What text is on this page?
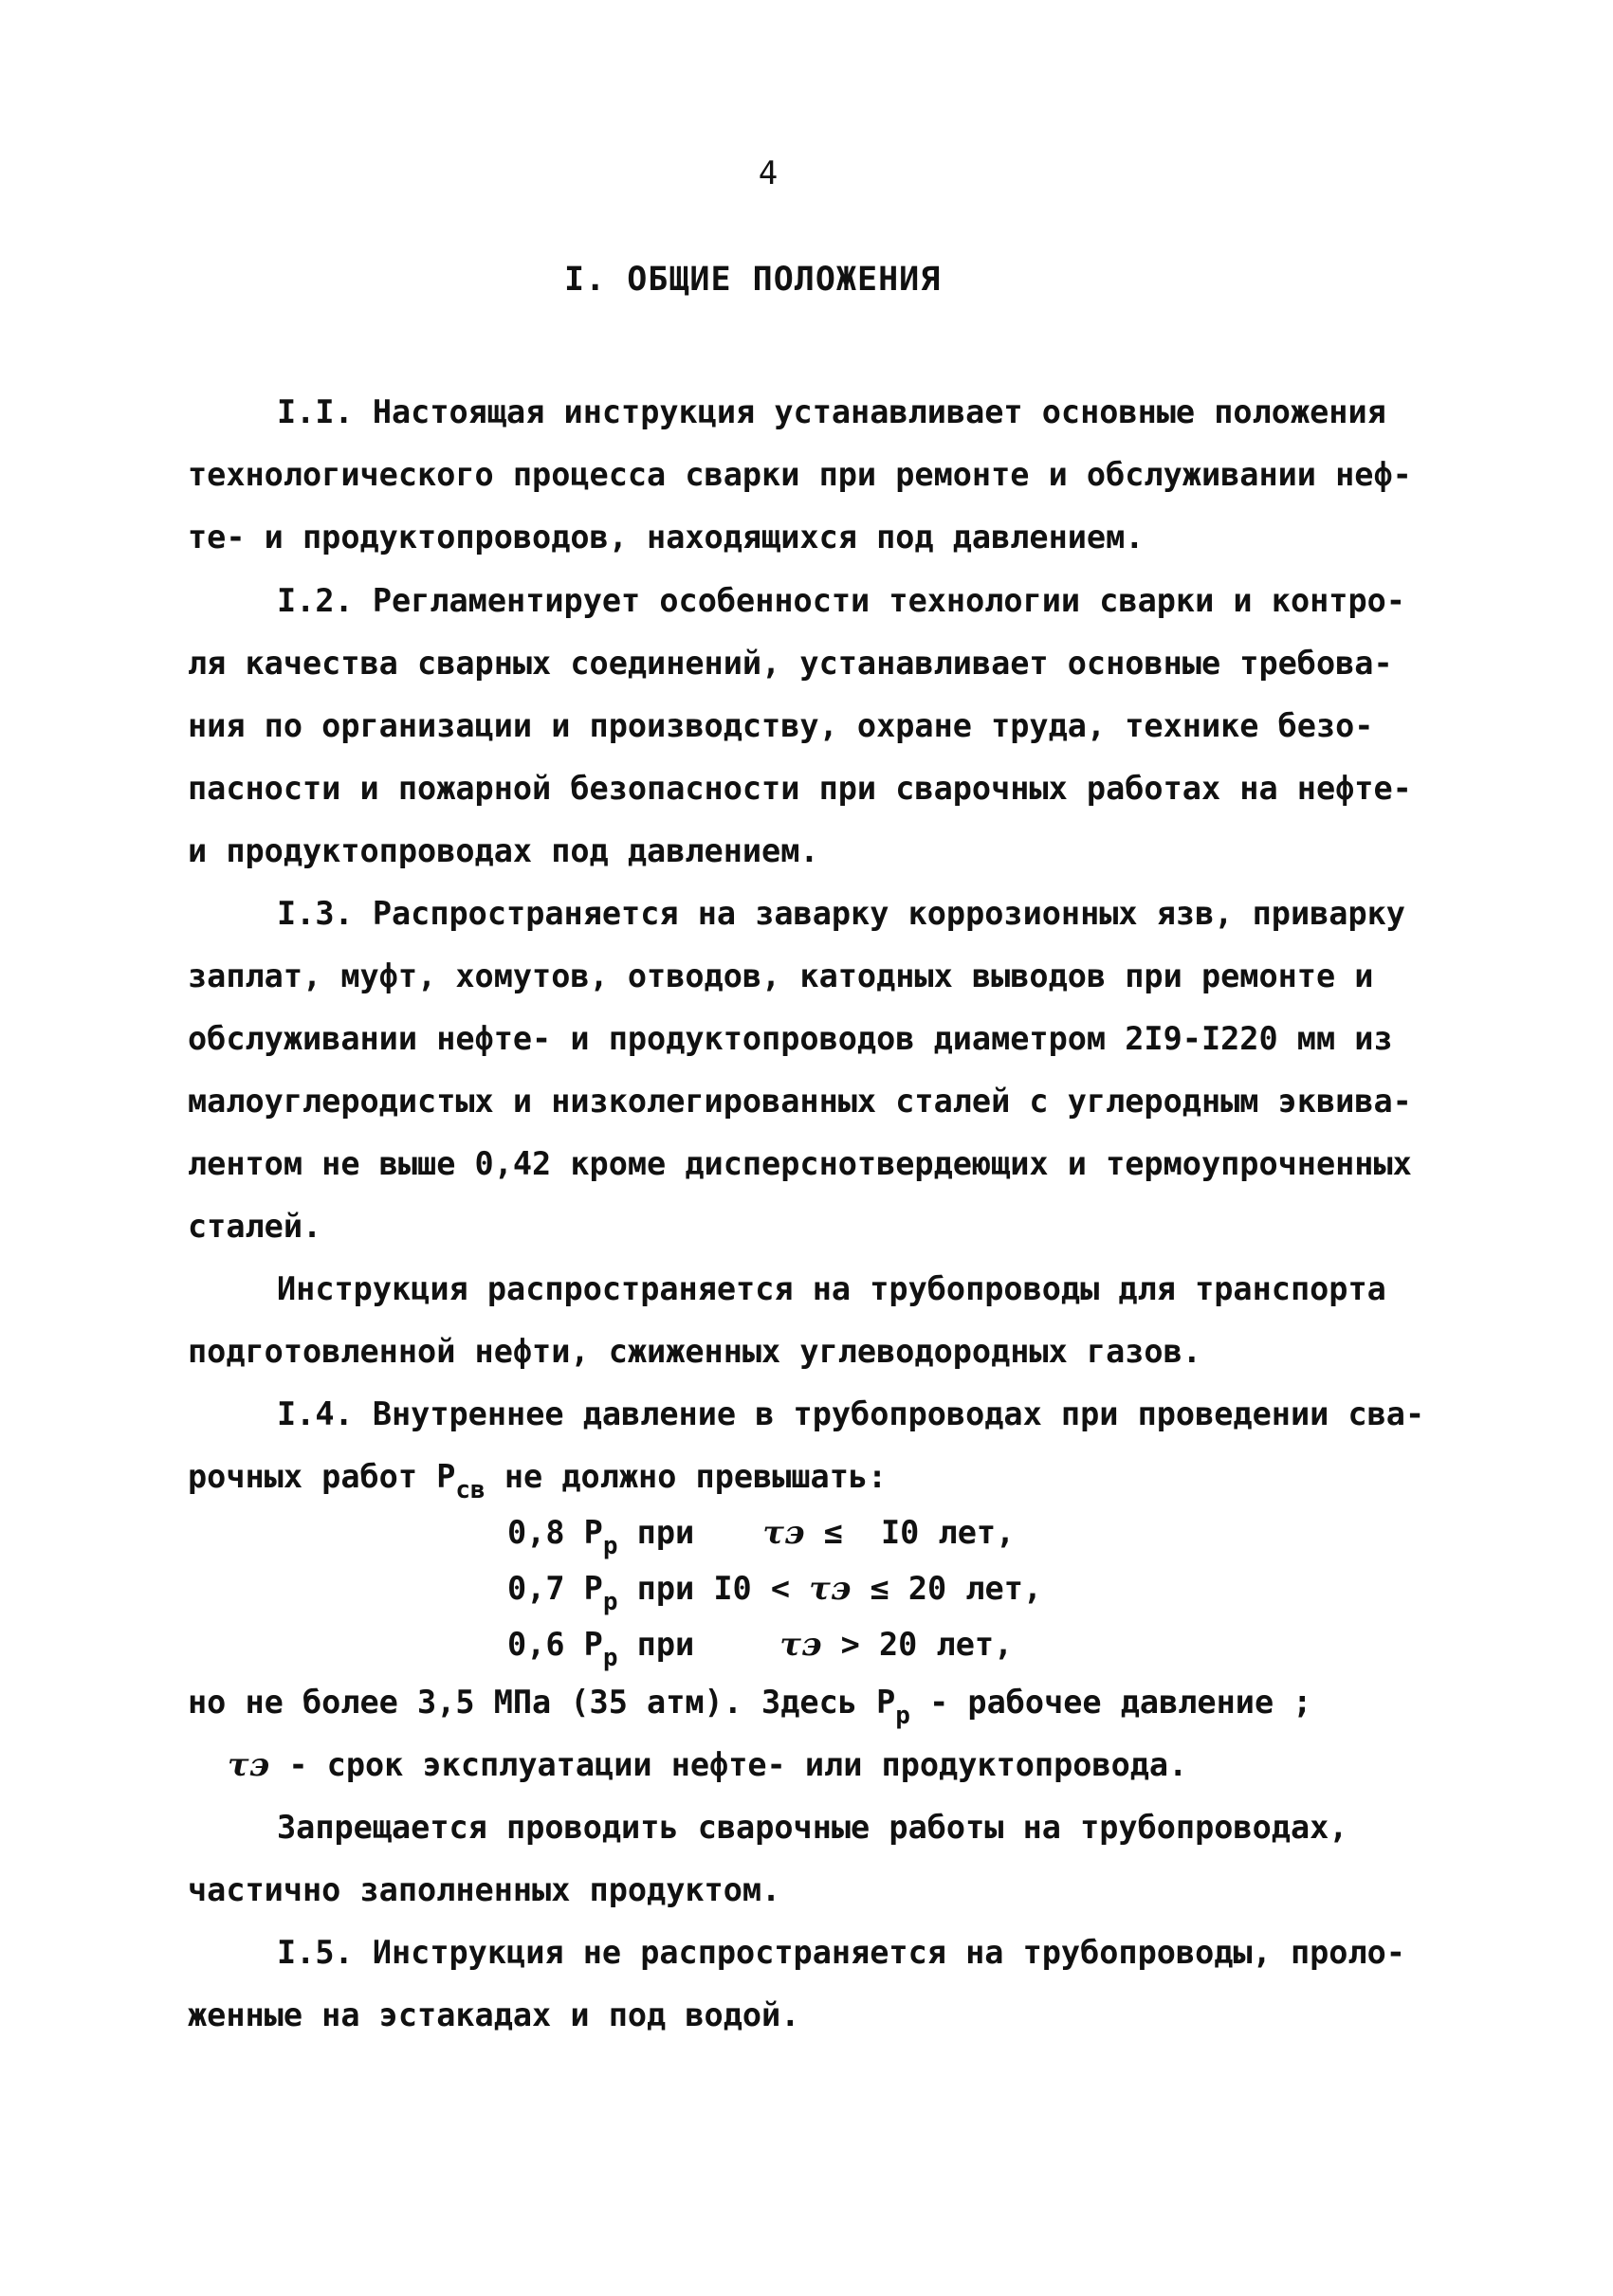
4
I. ОБЩИЕ ПОЛОЖЕНИЯ
I.I. Настоящая инструкция устанавливает основные положения
технологического процесса сварки при ремонте и обслуживании неф-
те- и продуктопроводов, находящихся под давлением.
I.2. Регламентирует особенности технологии сварки и контро-
ля качества сварных соединений, устанавливает основные требова-
ния по организации и производству, охране труда, технике безо-
пасности и пожарной безопасности при сварочных работах на нефте-
и продуктопроводах под давлением.
I.3. Распространяется на заварку коррозионных язв, приварку
заплат, муфт, хомутов, отводов, катодных выводов при ремонте и
обслуживании нефте- и продуктопроводов диаметром 2I9-I220 мм из
малоуглеродистых и низколегированных сталей с углеродным эквива-
лентом не выше 0,42 кроме дисперснотвердеющих и термоупрочненных
сталей.
Инструкция распространяется на трубопроводы для транспорта
подготовленной нефти, сжиженных углеводородных газов.
I.4. Внутреннее давление в трубопроводах при проведении сва-
рочных работ $P_{св}$ не должно превышать:
0,8 $P_р$ при τэ ≤ I0 лет,
0,7 $P_р$ при I0 < τэ ≤ 20 лет,
0,6 $P_р$ при τэ > 20 лет,
но не более 3,5 МПа (35 атм). Здесь $P_р$ - рабочее давление ;
τэ - срок эксплуатации нефте- или продуктопровода.
Запрещается проводить сварочные работы на трубопроводах,
частично заполненных продуктом.
I.5. Инструкция не распространяется на трубопроводы, проло-
женные на эстакадах и под водой.
